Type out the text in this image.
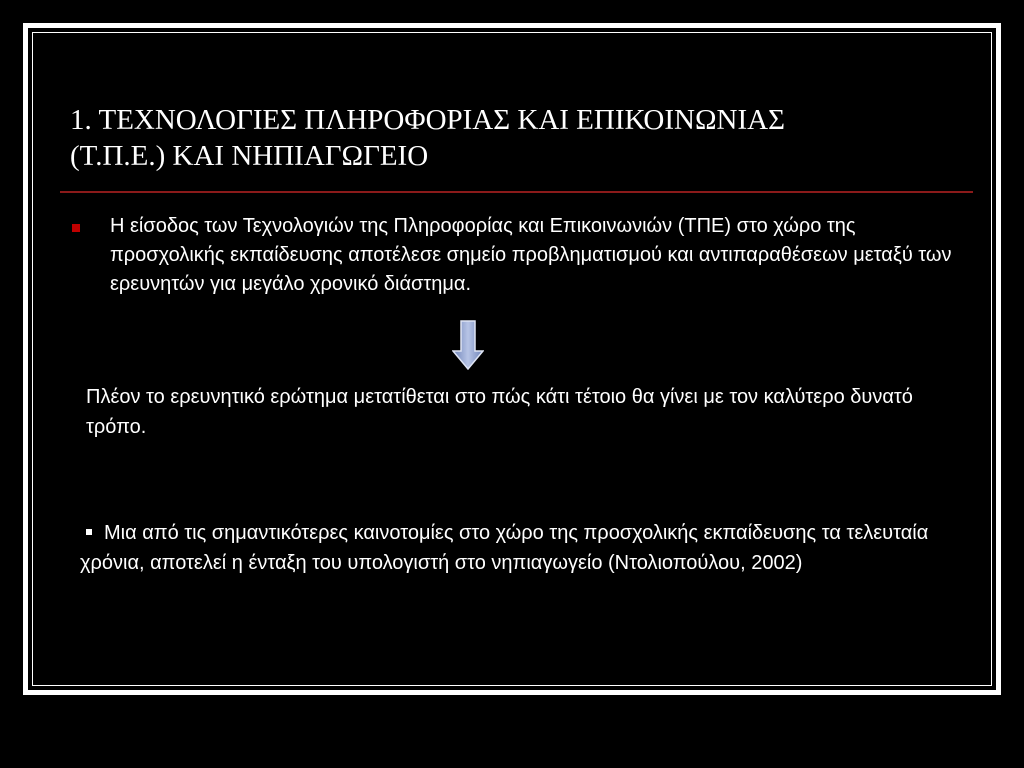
1. ΤΕΧΝΟΛΟΓΙΕΣ ΠΛΗΡΟΦΟΡΙΑΣ ΚΑΙ ΕΠΙΚΟΙΝΩΝΙΑΣ
(Τ.Π.Ε.) ΚΑΙ ΝΗΠΙΑΓΩΓΕΙΟ
Η είσοδος των Τεχνολογιών της Πληροφορίας και Επικοινωνιών (ΤΠΕ) στο χώρο της προσχολικής εκπαίδευσης αποτέλεσε σημείο προβληματισμού και αντιπαραθέσεων μεταξύ των ερευνητών για μεγάλο χρονικό διάστημα.
Πλέον το ερευνητικό ερώτημα μετατίθεται στο πώς κάτι τέτοιο θα γίνει με τον καλύτερο δυνατό τρόπο.
Μια από τις σημαντικότερες καινοτομίες στο χώρο της προσχολικής εκπαίδευσης τα τελευταία χρόνια, αποτελεί η ένταξη του υπολογιστή στο νηπιαγωγείο (Ντολιοπούλου, 2002)
